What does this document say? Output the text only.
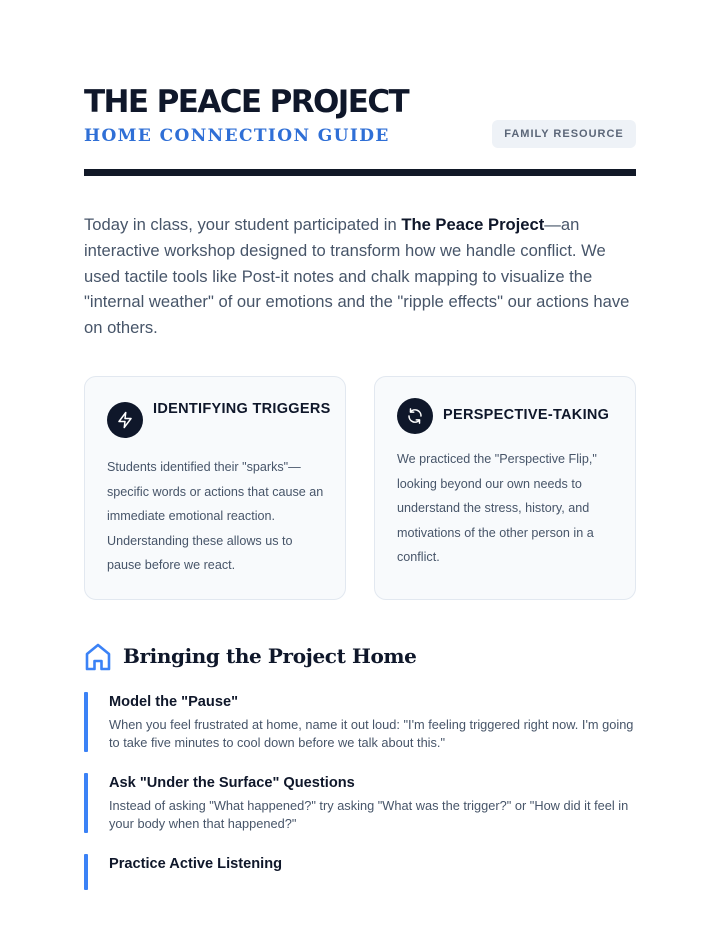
THE PEACE PROJECT
HOME CONNECTION GUIDE	FAMILY RESOURCE

Today in class, your student participated in The Peace Project—an interactive workshop designed to transform how we handle conflict. We used tactile tools like Post-it notes and chalk mapping to visualize the "internal weather" of our emotions and the "ripple effects" our actions have on others.

IDENTIFYING TRIGGERS
Students identified their "sparks"—specific words or actions that cause an immediate emotional reaction. Understanding these allows us to pause before we react.
PERSPECTIVE-TAKING
We practiced the "Perspective Flip," looking beyond our own needs to understand the stress, history, and motivations of the other person in a conflict.
Bringing the Project Home
Model the "Pause"
When you feel frustrated at home, name it out loud: "I'm feeling triggered right now. I'm going to take five minutes to cool down before we talk about this."
Ask "Under the Surface" Questions
Instead of asking "What happened?" try asking "What was the trigger?" or "How did it feel in your body when that happened?"
Practice Active Listening
